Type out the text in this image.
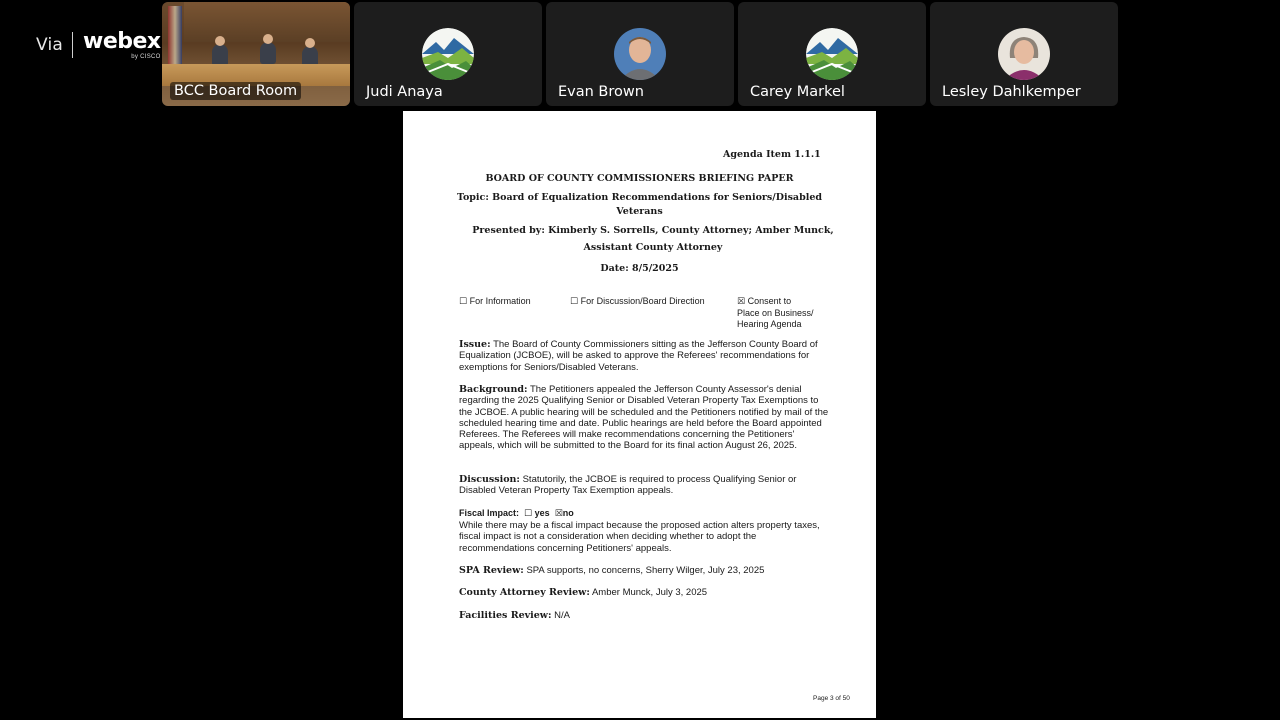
Via webex
by CISCO
BCC Board Room	Judi Anaya	Evan Brown	Carey Markel	Lesley Dahlkemper
Agenda Item 1.1.1
BOARD OF COUNTY COMMISSIONERS BRIEFING PAPER
Topic: Board of Equalization Recommendations for Seniors/Disabled
Veterans
Presented by: Kimberly S. Sorrells, County Attorney; Amber Munck,
Assistant County Attorney
Date: 8/5/2025
☐ For Information	☐ For Discussion/Board Direction	☒ Consent to
Place on Business/
Hearing Agenda
Issue: The Board of County Commissioners sitting as the Jefferson County Board of Equalization (JCBOE), will be asked to approve the Referees' recommendations for exemptions for Seniors/Disabled Veterans.
Background: The Petitioners appealed the Jefferson County Assessor's denial regarding the 2025 Qualifying Senior or Disabled Veteran Property Tax Exemptions to the JCBOE. A public hearing will be scheduled and the Petitioners notified by mail of the scheduled hearing time and date. Public hearings are held before the Board appointed Referees. The Referees will make recommendations concerning the Petitioners' appeals, which will be submitted to the Board for its final action August 26, 2025.
Discussion: Statutorily, the JCBOE is required to process Qualifying Senior or Disabled Veteran Property Tax Exemption appeals.
Fiscal Impact: ☐ yes ☒no
While there may be a fiscal impact because the proposed action alters property taxes, fiscal impact is not a consideration when deciding whether to adopt the recommendations concerning Petitioners' appeals.
SPA Review: SPA supports, no concerns, Sherry Wilger, July 23, 2025
County Attorney Review: Amber Munck, July 3, 2025
Facilities Review: N/A
Page 3 of 50
